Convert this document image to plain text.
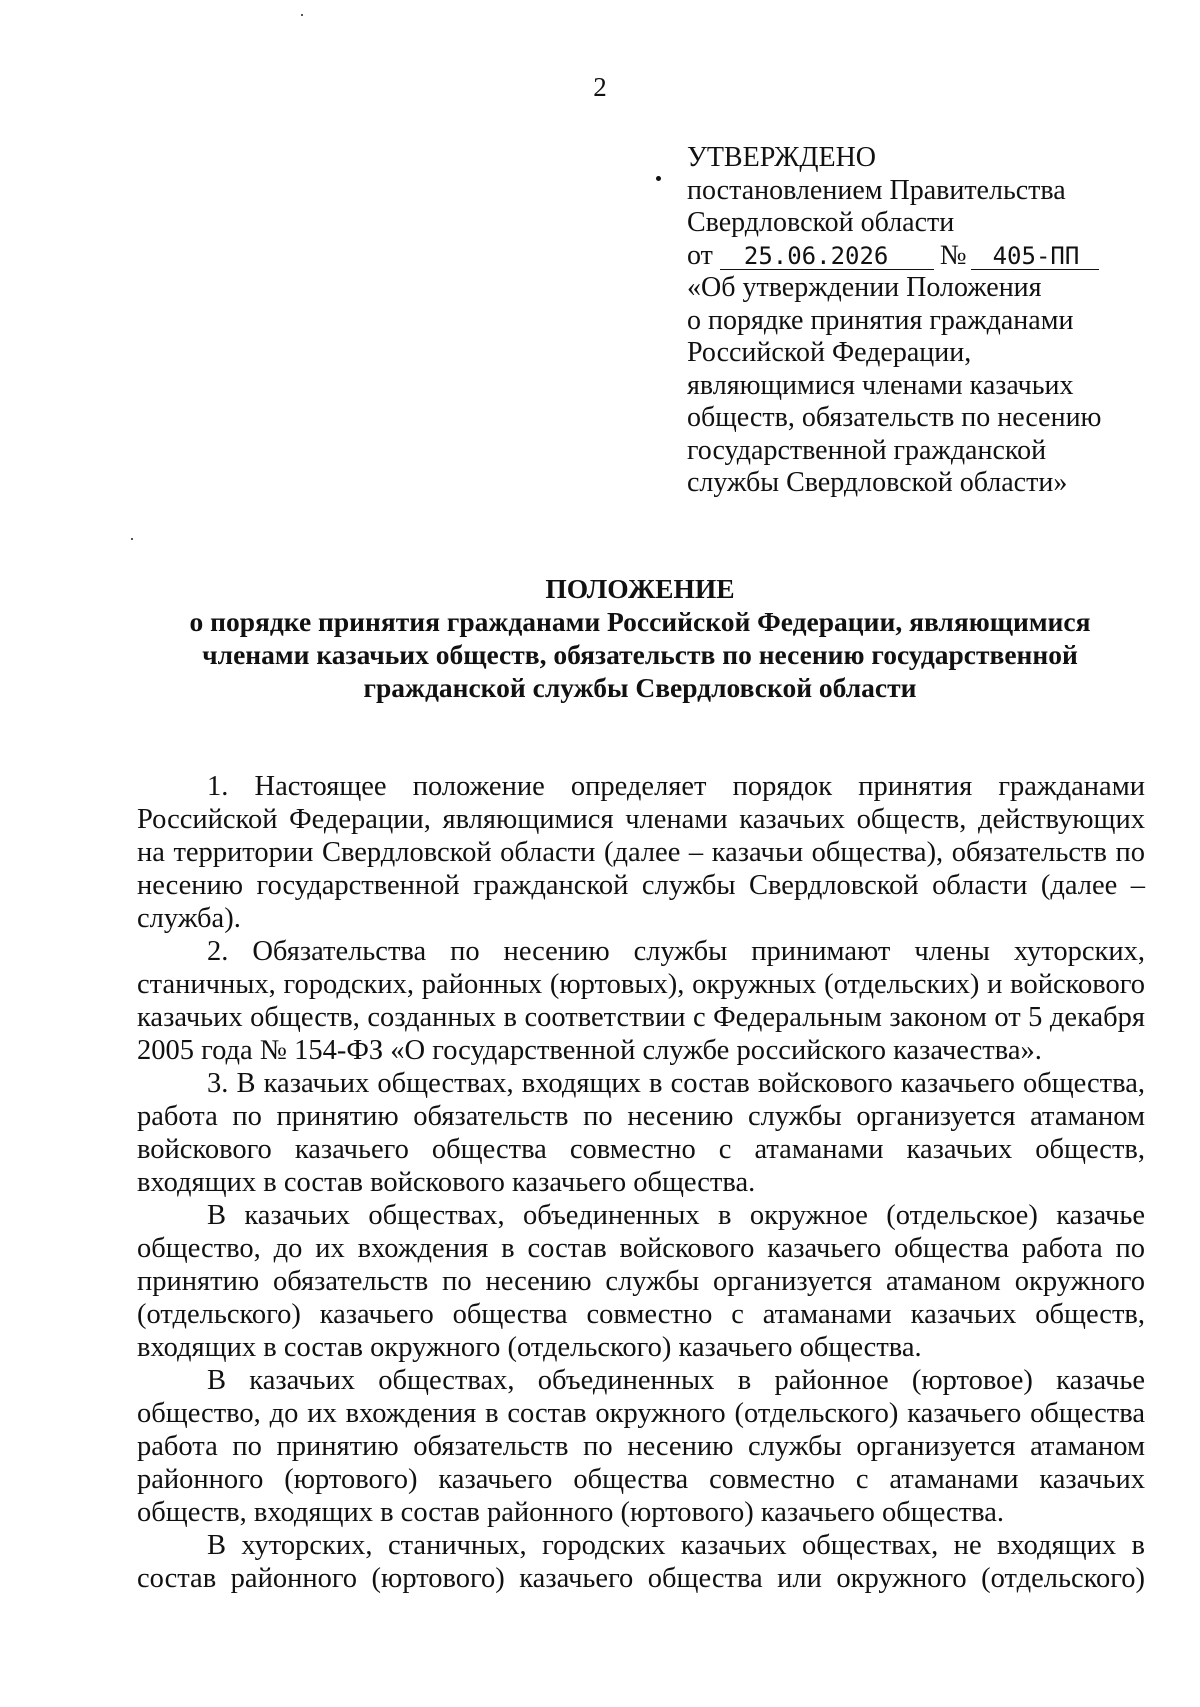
2
УТВЕРЖДЕНО
постановлением Правительства
Свердловской области
от 25.06.2026 № 405-ПП
«Об утверждении Положения
о порядке принятия гражданами
Российской Федерации,
являющимися членами казачьих
обществ, обязательств по несению
государственной гражданской
службы Свердловской области»
ПОЛОЖЕНИЕ
о порядке принятия гражданами Российской Федерации, являющимися
членами казачьих обществ, обязательств по несению государственной
гражданской службы Свердловской области

1. Настоящее положение определяет порядок принятия гражданами Российской Федерации, являющимися членами казачьих обществ, действующих на территории Свердловской области (далее – казачьи общества), обязательств по несению государственной гражданской службы Свердловской области (далее – служба).

2. Обязательства по несению службы принимают члены хуторских, станичных, городских, районных (юртовых), окружных (отдельских) и войскового казачьих обществ, созданных в соответствии с Федеральным законом от 5 декабря 2005 года № 154-ФЗ «О государственной службе российского казачества».

3. В казачьих обществах, входящих в состав войскового казачьего общества, работа по принятию обязательств по несению службы организуется атаманом войскового казачьего общества совместно с атаманами казачьих обществ, входящих в состав войскового казачьего общества.

В казачьих обществах, объединенных в окружное (отдельское) казачье общество, до их вхождения в состав войскового казачьего общества работа по принятию обязательств по несению службы организуется атаманом окружного (отдельского) казачьего общества совместно с атаманами казачьих обществ, входящих в состав окружного (отдельского) казачьего общества.

В казачьих обществах, объединенных в районное (юртовое) казачье общество, до их вхождения в состав окружного (отдельского) казачьего общества работа по принятию обязательств по несению службы организуется атаманом районного (юртового) казачьего общества совместно с атаманами казачьих обществ, входящих в состав районного (юртового) казачьего общества.

В хуторских, станичных, городских казачьих обществах, не входящих в состав районного (юртового) казачьего общества или окружного (отдельского)
